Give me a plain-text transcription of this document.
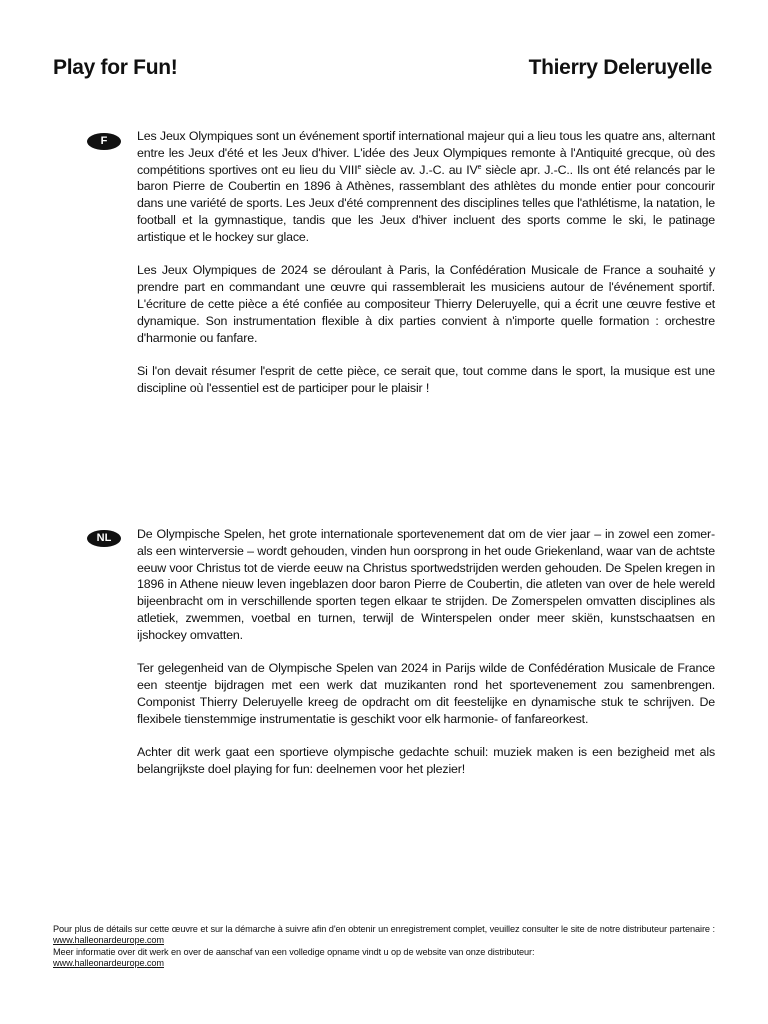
Play for Fun!	Thierry Deleruyelle
F	Les Jeux Olympiques sont un événement sportif international majeur qui a lieu tous les quatre ans, alternant entre les Jeux d'été et les Jeux d'hiver. L'idée des Jeux Olympiques remonte à l'Antiquité grecque, où des compétitions sportives ont eu lieu du VIIIe siècle av. J.-C. au IVe siècle apr. J.-C.. Ils ont été relancés par le baron Pierre de Coubertin en 1896 à Athènes, rassemblant des athlètes du monde entier pour concourir dans une variété de sports. Les Jeux d'été comprennent des disciplines telles que l'athlétisme, la natation, le football et la gymnastique, tandis que les Jeux d'hiver incluent des sports comme le ski, le patinage artistique et le hockey sur glace.

Les Jeux Olympiques de 2024 se déroulant à Paris, la Confédération Musicale de France a souhaité y prendre part en commandant une œuvre qui rassemblerait les musiciens autour de l'événement sportif. L'écriture de cette pièce a été confiée au compositeur Thierry Deleruyelle, qui a écrit une œuvre festive et dynamique. Son instrumentation flexible à dix parties convient à n'importe quelle formation : orchestre d'harmonie ou fanfare.

Si l'on devait résumer l'esprit de cette pièce, ce serait que, tout comme dans le sport, la musique est une discipline où l'essentiel est de participer pour le plaisir !

NL	De Olympische Spelen, het grote internationale sportevenement dat om de vier jaar – in zowel een zomer- als een winterversie – wordt gehouden, vinden hun oorsprong in het oude Griekenland, waar van de achtste eeuw voor Christus tot de vierde eeuw na Christus sportwedstrijden werden gehouden. De Spelen kregen in 1896 in Athene nieuw leven ingeblazen door baron Pierre de Coubertin, die atleten van over de hele wereld bijeenbracht om in verschillende sporten tegen elkaar te strijden. De Zomerspelen omvatten disciplines als atletiek, zwemmen, voetbal en turnen, terwijl de Winterspelen onder meer skiën, kunstschaatsen en ijshockey omvatten.

Ter gelegenheid van de Olympische Spelen van 2024 in Parijs wilde de Confédération Musicale de France een steentje bijdragen met een werk dat muzikanten rond het sportevenement zou samenbrengen. Componist Thierry Deleruyelle kreeg de opdracht om dit feestelijke en dynamische stuk te schrijven. De flexibele tienstemmige instrumentatie is geschikt voor elk harmonie- of fanfareorkest.

Achter dit werk gaat een sportieve olympische gedachte schuil: muziek maken is een bezigheid met als belangrijkste doel playing for fun: deelnemen voor het plezier!

Pour plus de détails sur cette œuvre et sur la démarche à suivre afin d'en obtenir un enregistrement complet, veuillez consulter le site de notre distributeur partenaire : www.halleonardeurope.com

Meer informatie over dit werk en over de aanschaf van een volledige opname vindt u op de website van onze distributeur:

www.halleonardeurope.com
